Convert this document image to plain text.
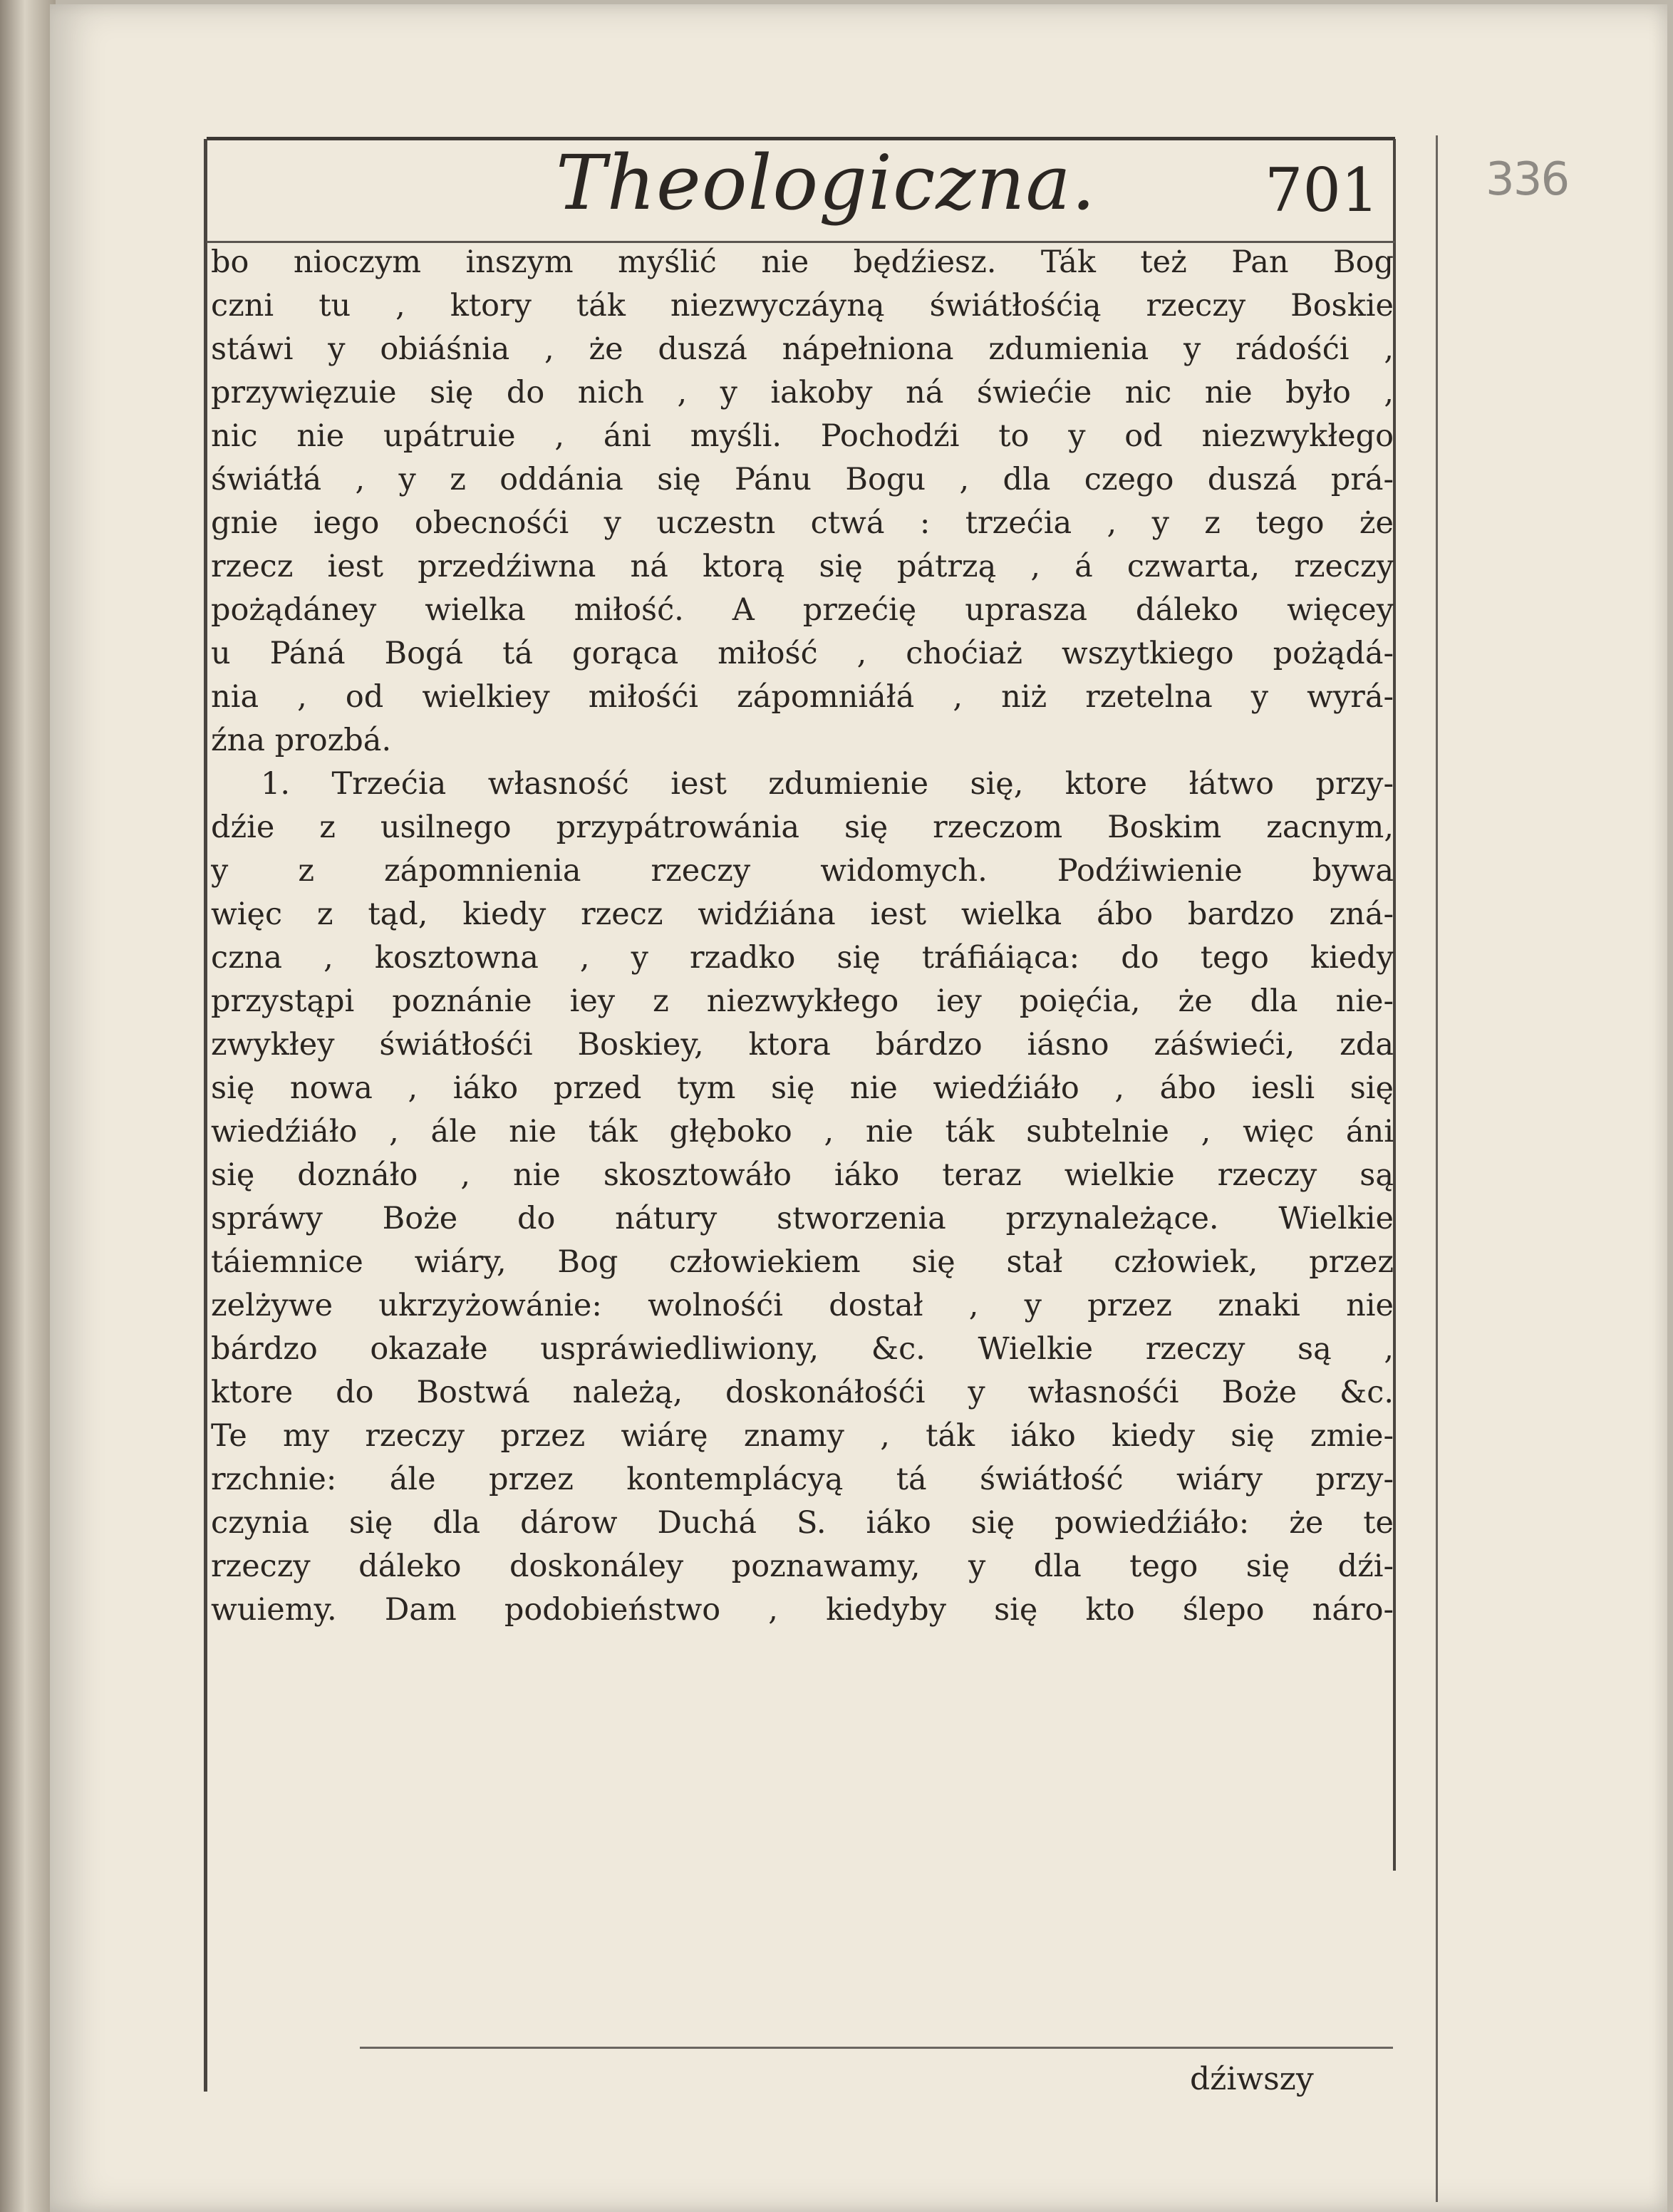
336
Theologiczna.	701
bo nioczym inszym myślić nie będźiesz. Ták też Pan Bog
czni tu , ktory ták niezwyczáyną świátłośćią rzeczy Boskie
stáwi y obiáśnia , że duszá nápełniona zdumienia y rádośći ,
przywięzuie się do nich , y iakoby ná świećie nic nie było ,
nic nie upátruie , áni myśli. Pochodźi to y od niezwykłego
świátłá , y z oddánia się Pánu Bogu , dla czego duszá prá-
gnie iego obecnośći y uczestn ctwá : trzećia , y z tego że
rzecz iest przedźiwna ná ktorą się pátrzą , á czwarta, rzeczy
pożądáney wielka miłość. A przećię uprasza dáleko więcey
u Páná Bogá tá gorąca miłość , choćiaż wszytkiego pożądá-
nia , od wielkiey miłośći zápomniáłá , niż rzetelna y wyrá-
źna prozbá.
1. Trzećia własność iest zdumienie się, ktore łátwo przy-
dźie z usilnego przypátrowánia się rzeczom Boskim zacnym,
y z zápomnienia rzeczy widomych. Podźiwienie bywa
więc z tąd, kiedy rzecz widźiána iest wielka ábo bardzo zná-
czna , kosztowna , y rzadko się tráfiáiąca: do tego kiedy
przystąpi poznánie iey z niezwykłego iey poięćia, że dla nie-
zwykłey świátłośći Boskiey, ktora bárdzo iásno záświeći, zda
się nowa , iáko przed tym się nie wiedźiáło , ábo iesli się
wiedźiáło , ále nie ták głęboko , nie ták subtelnie , więc áni
się doznáło , nie skosztowáło iáko teraz wielkie rzeczy są
spráwy Boże do nátury stworzenia przynależące. Wielkie
táiemnice wiáry, Bog człowiekiem się stał człowiek, przez
zelżywe ukrzyżowánie: wolnośći dostał , y przez znaki nie
bárdzo okazałe uspráwiedliwiony, &c. Wielkie rzeczy są ,
ktore do Bostwá należą, doskonáłośći y własnośći Boże &c.
Te my rzeczy przez wiárę znamy , ták iáko kiedy się zmie-
rzchnie: ále przez kontemplácyą tá świátłość wiáry przy-
czynia się dla dárow Duchá S. iáko się powiedźiáło: że te
rzeczy dáleko doskonáley poznawamy, y dla tego się dźi-
wuiemy. Dam podobieństwo , kiedyby się kto ślepo náro-
dźiwszy
